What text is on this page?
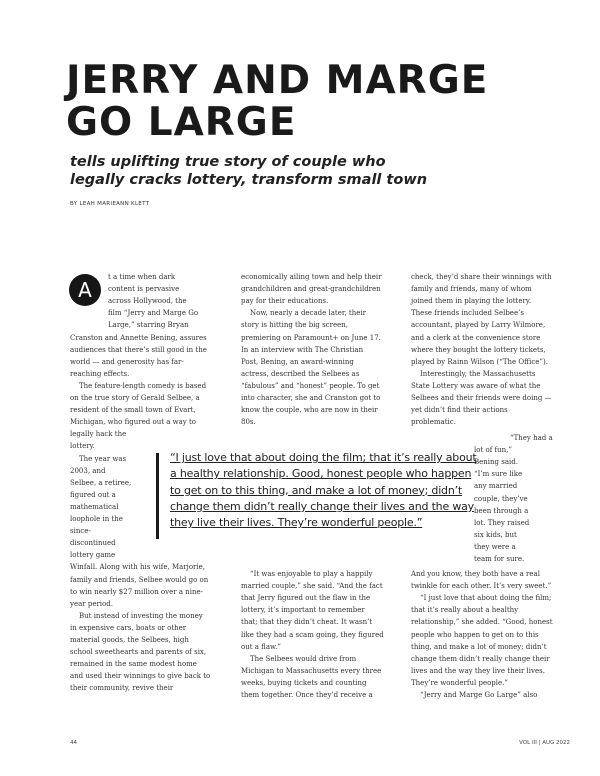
JERRY AND MARGE
GO LARGE
tells uplifting true story of couple who
legally cracks lottery, transform small town
BY LEAH MARIEANN KLETT
A
t a time when dark
content is pervasive
across Hollywood, the
film “Jerry and Marge Go
Large,” starring Bryan
Cranston and Annette Bening, assures
audiences that there’s still good in the
world — and generosity has far-
reaching effects.
The feature-length comedy is based
on the true story of Gerald Selbee, a
resident of the small town of Evart,
Michigan, who figured out a way to
legally hack the
lottery.
The year was
2003, and
Selbee, a retiree,
figured out a
mathematical
loophole in the
since-
discontinued
lottery game
Winfall. Along with his wife, Marjorie,
family and friends, Selbee would go on
to win nearly $27 million over a nine-
year period.
But instead of investing the money
in expensive cars, boats or other
material goods, the Selbees, high
school sweethearts and parents of six,
remained in the same modest home
and used their winnings to give back to
their community, revive their
economically ailing town and help their
grandchildren and great-grandchildren
pay for their educations.
Now, nearly a decade later, their
story is hitting the big screen,
premiering on Paramount+ on June 17.
In an interview with The Christian
Post, Bening, an award-winning
actress, described the Selbees as
“fabulous” and “honest” people. To get
into character, she and Cranston got to
know the couple, who are now in their
80s.
check, they’d share their winnings with
family and friends, many of whom
joined them in playing the lottery.
These friends included Selbee’s
accountant, played by Larry Wilmore,
and a clerk at the convenience store
where they bought the lottery tickets,
played by Rainn Wilson (“The Office”).
Interestingly, the Massachusetts
State Lottery was aware of what the
Selbees and their friends were doing —
yet didn’t find their actions
problematic.
“They had a
lot of fun,”
Bening said.
“I’m sure like
any married
couple, they’ve
been through a
lot. They raised
six kids, but
they were a
team for sure.
“It was enjoyable to play a happily
married couple,” she said. “And the fact
that Jerry figured out the flaw in the
lottery, it’s important to remember
that; that they didn’t cheat. It wasn’t
like they had a scam going, they figured
out a flaw.”
The Selbees would drive from
Michigan to Massachusetts every three
weeks, buying tickets and counting
them together. Once they’d receive a
And you know, they both have a real
twinkle for each other. It’s very sweet.”
“I just love that about doing the film;
that it’s really about a healthy
relationship,” she added. “Good, honest
people who happen to get on to this
thing, and make a lot of money; didn’t
change them didn’t really change their
lives and the way they live their lives.
They’re wonderful people.”
“Jerry and Marge Go Large” also
“I just love that about doing the film; that it’s really about
a healthy relationship. Good, honest people who happen
to get on to this thing, and make a lot of money; didn’t
change them didn’t really change their lives and the way
they live their lives. They’re wonderful people.”
44	VOL III | AUG 2022
